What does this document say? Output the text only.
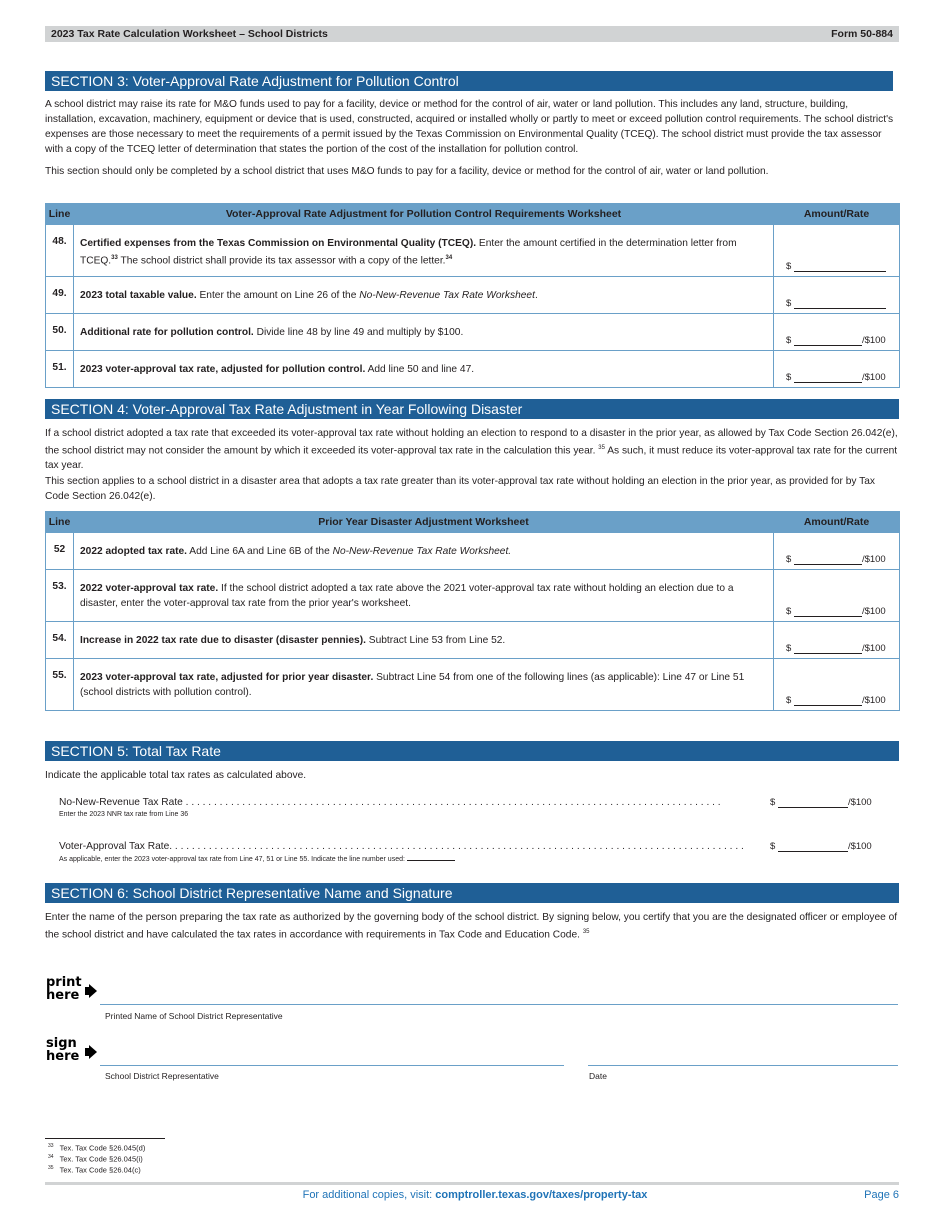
2023 Tax Rate Calculation Worksheet – School Districts	Form 50-884
SECTION 3: Voter-Approval Rate Adjustment for Pollution Control

A school district may raise its rate for M&O funds used to pay for a facility, device or method for the control of air, water or land pollution. This includes any land, structure, building, installation, excavation, machinery, equipment or device that is used, constructed, acquired or installed wholly or partly to meet or exceed pollution control requirements. The school district's expenses are those necessary to meet the requirements of a permit issued by the Texas Commission on Environmental Quality (TCEQ). The school district must provide the tax assessor with a copy of the TCEQ letter of determination that states the portion of the cost of the installation for pollution control.

This section should only be completed by a school district that uses M&O funds to pay for a facility, device or method for the control of air, water or land pollution.

Line	Voter-Approval Rate Adjustment for Pollution Control Requirements Worksheet	Amount/Rate
48.	Certified expenses from the Texas Commission on Environmental Quality (TCEQ). Enter the amount certified in the determination letter from TCEQ.$^{33}$ The school district shall provide its tax assessor with a copy of the letter.$^{34}$	$
49.	2023 total taxable value. Enter the amount on Line 26 of the No-New-Revenue Tax Rate Worksheet.	$
50.	Additional rate for pollution control. Divide line 48 by line 49 and multiply by $100.	$ /$100
51.	2023 voter-approval tax rate, adjusted for pollution control. Add line 50 and line 47.	$ /$100
SECTION 4: Voter-Approval Tax Rate Adjustment in Year Following Disaster

If a school district adopted a tax rate that exceeded its voter-approval tax rate without holding an election to respond to a disaster in the prior year, as allowed by Tax Code Section 26.042(e), the school district may not consider the amount by which it exceeded its voter-approval tax rate in the calculation this year. $^{35}$ As such, it must reduce its voter-approval tax rate for the current tax year.

This section applies to a school district in a disaster area that adopts a tax rate greater than its voter-approval tax rate without holding an election in the prior year, as provided for by Tax Code Section 26.042(e).

Line	Prior Year Disaster Adjustment Worksheet	Amount/Rate
52	2022 adopted tax rate. Add Line 6A and Line 6B of the No-New-Revenue Tax Rate Worksheet.	$ /$100
53.	2022 voter-approval tax rate. If the school district adopted a tax rate above the 2021 voter-approval tax rate without holding an election due to a disaster, enter the voter-approval tax rate from the prior year's worksheet.	$ /$100
54.	Increase in 2022 tax rate due to disaster (disaster pennies). Subtract Line 53 from Line 52.	$ /$100
55.	2023 voter-approval tax rate, adjusted for prior year disaster. Subtract Line 54 from one of the following lines (as applicable): Line 47 or Line 51 (school districts with pollution control).	$ /$100
SECTION 5: Total Tax Rate

Indicate the applicable total tax rates as calculated above.

No-New-Revenue Tax Rate . . . . . . . . . . . . . . . . . . . . . . . . . . . . . . . . . . . . . . . . . . . . . . . . . . . . . . . . . . . . . . . . . . . . . . . . . . . . . . . . . . . . . . . . . . . . . . .	$	/$100
Enter the 2023 NNR tax rate from Line 36
Voter-Approval Tax Rate. . . . . . . . . . . . . . . . . . . . . . . . . . . . . . . . . . . . . . . . . . . . . . . . . . . . . . . . . . . . . . . . . . . . . . . . . . . . . . . . . . . . . . . . . . . . . . . . . . . . . .	$	/$100
As applicable, enter the 2023 voter-approval tax rate from Line 47, 51 or Line 55. Indicate the line number used:
SECTION 6: School District Representative Name and Signature

Enter the name of the person preparing the tax rate as authorized by the governing body of the school district. By signing below, you certify that you are the designated officer or employee of the school district and have calculated the tax rates in accordance with requirements in Tax Code and Education Code. $^{35}$

print
here
Printed Name of School District Representative
sign
here
School District Representative	Date
$^{33}$ Tex. Tax Code §26.045(d)
$^{34}$ Tex. Tax Code §26.045(i)
$^{35}$ Tex. Tax Code §26.04(c)
For additional copies, visit: comptroller.texas.gov/taxes/property-tax	Page 6
